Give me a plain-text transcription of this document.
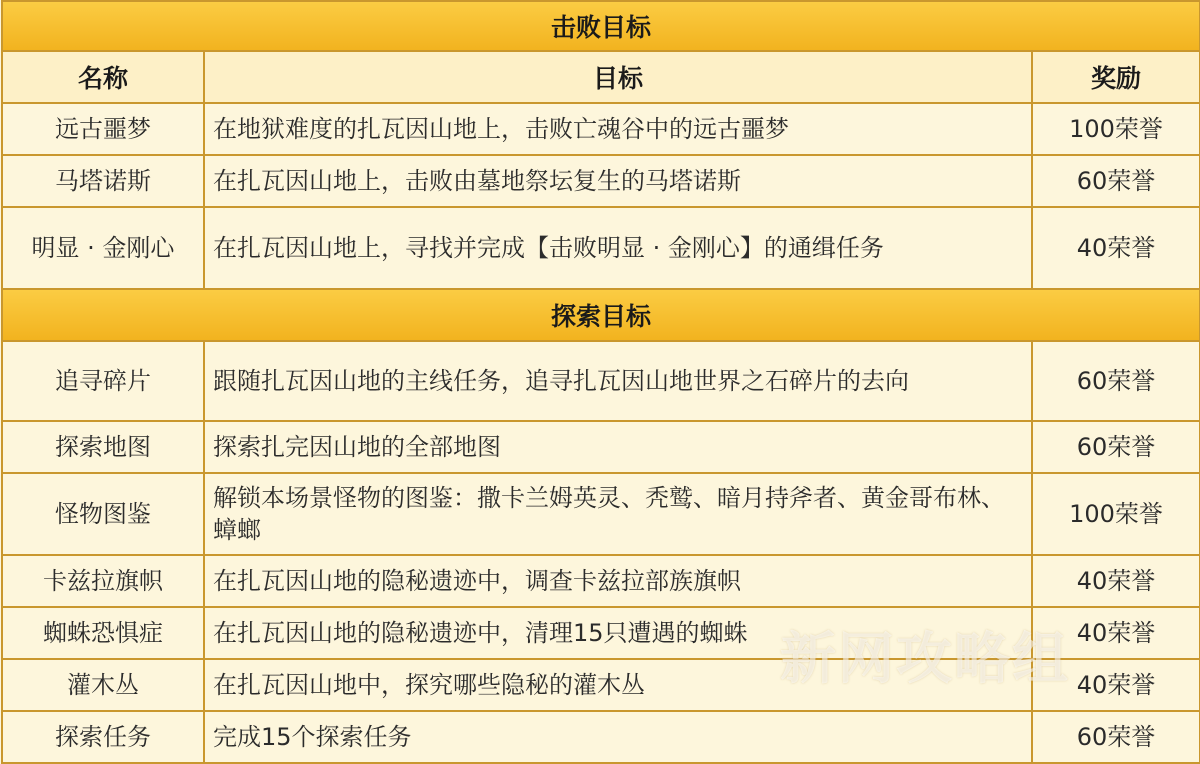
击败目标		
名称	目标	奖励
远古噩梦	在地狱难度的扎瓦因山地上，击败亡魂谷中的远古噩梦	100荣誉
马塔诺斯	在扎瓦因山地上，击败由墓地祭坛复生的马塔诺斯	60荣誉
明显 · 金刚心	在扎瓦因山地上，寻找并完成【击败明显 · 金刚心】的通缉任务	40荣誉
探索目标		
追寻碎片	跟随扎瓦因山地的主线任务，追寻扎瓦因山地世界之石碎片的去向	60荣誉
探索地图	探索扎完因山地的全部地图	60荣誉
怪物图鉴	解锁本场景怪物的图鉴：撒卡兰姆英灵、秃鹫、暗月持斧者、黄金哥布林、蟑螂	100荣誉
卡兹拉旗帜	在扎瓦因山地的隐秘遗迹中，调查卡兹拉部族旗帜	40荣誉
蜘蛛恐惧症	在扎瓦因山地的隐秘遗迹中，清理15只遭遇的蜘蛛	40荣誉
灌木丛	在扎瓦因山地中，探究哪些隐秘的灌木丛	40荣誉
探索任务	完成15个探索任务	60荣誉
新网攻略组
